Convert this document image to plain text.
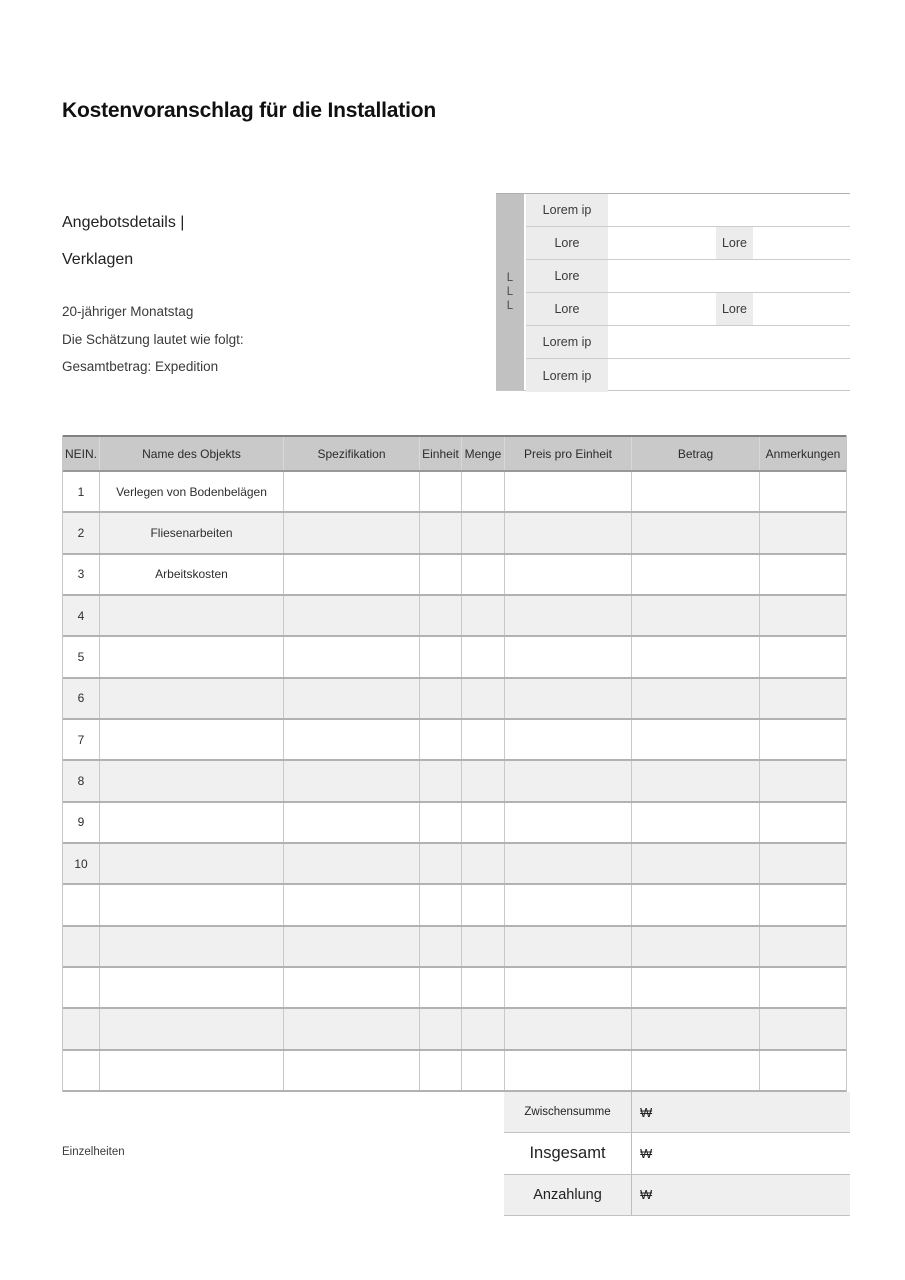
Kostenvoranschlag für die Installation
Angebotsdetails |
Verklagen
20-jähriger Monatstag
Die Schätzung lautet wie folgt:
Gesamtbetrag: Expedition
L
L
L
Lorem ip
Lore	Lore
Lore
Lore	Lore
Lorem ip
Lorem ip
NEIN.	Name des Objekts	Spezifikation	Einheit Menge	Preis pro Einheit	Betrag	Anmerkungen
1	Verlegen von Bodenbelägen
2	Fliesenarbeiten
3	Arbeitskosten
4
5
6
7
8
9
10
Zwischensumme	₩
Insgesamt	₩
Anzahlung	₩
Einzelheiten
